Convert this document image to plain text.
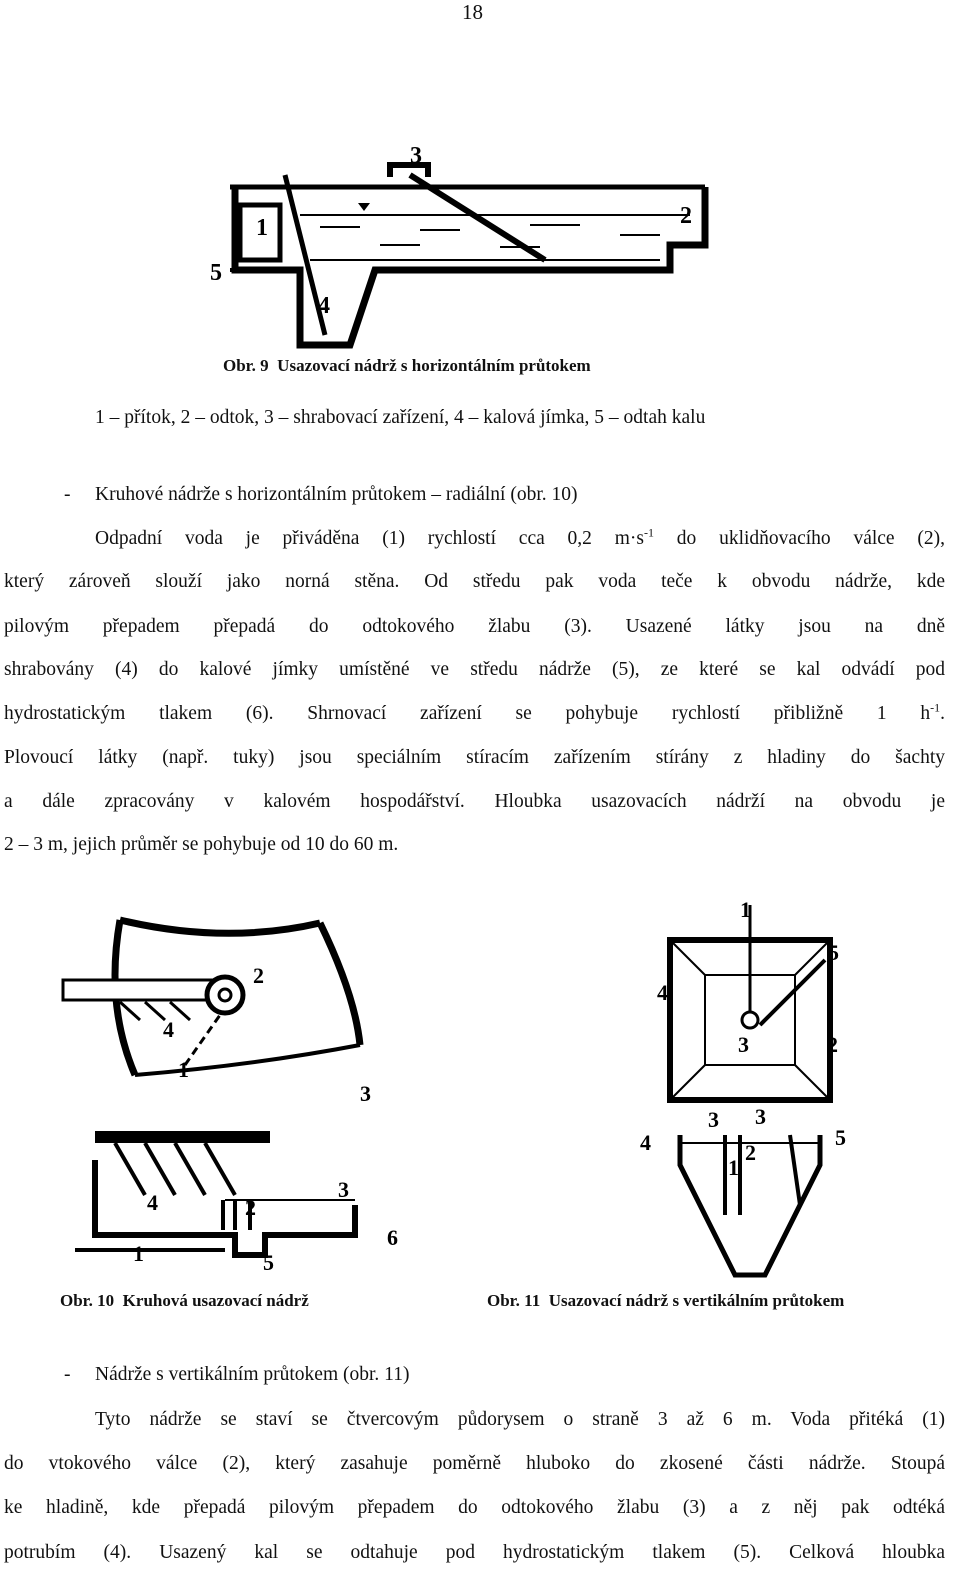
18
3
2
1
5
4
Obr. 9 Usazovací nádrž s horizontálním průtokem
1 – přítok, 2 – odtok, 3 – shrabovací zařízení, 4 – kalová jímka, 5 – odtah kalu
- Kruhové nádrže s horizontálním průtokem – radiální (obr. 10)
Odpadní voda je přiváděna (1) rychlostí cca 0,2 $m\cdot s^{-1}$ do uklidňovacího válce (2),
který zároveň slouží jako norná stěna. Od středu pak voda teče k obvodu nádrže, kde
pilovým přepadem přepadá do odtokového žlabu (3). Usazené látky jsou na dně
shrabovány (4) do kalové jímky umístěné ve středu nádrže (5), ze které se kal odvádí pod
hydrostatickým tlakem (6). Shrnovací zařízení se pohybuje rychlostí přibližně 1 $h^{-1}$.
Plovoucí látky (např. tuky) jsou speciálním stíracím zařízením stírány z hladiny do šachty
a dále zpracovány v kalovém hospodářství. Hloubka usazovacích nádrží na obvodu je
2 – 3 m, jejich průměr se pohybuje od 10 do 60 m.
2
4
1
3
3
4	2
6
1	5
Obr. 10 Kruhová usazovací nádrž
1
5
4
3	2
3 3
4	5
2
1
Obr. 11 Usazovací nádrž s vertikálním průtokem
- Nádrže s vertikálním průtokem (obr. 11)
Tyto nádrže se staví se čtvercovým půdorysem o straně 3 až 6 m. Voda přitéká (1)
do vtokového válce (2), který zasahuje poměrně hluboko do zkosené části nádrže. Stoupá
ke hladině, kde přepadá pilovým přepadem do odtokového žlabu (3) a z něj pak odtéká
potrubím (4). Usazený kal se odtahuje pod hydrostatickým tlakem (5). Celková hloubka
